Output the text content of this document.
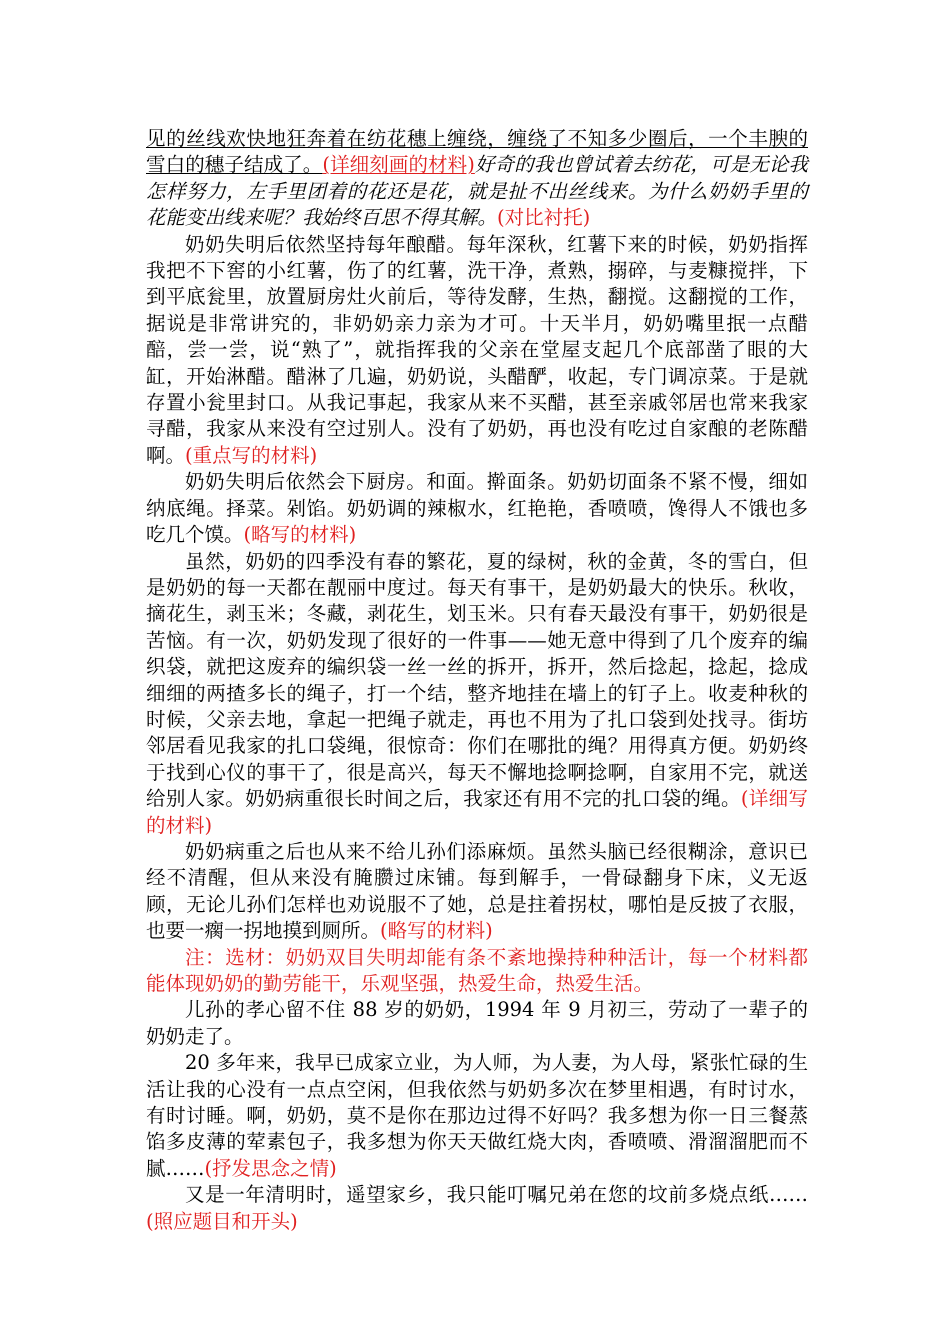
见的丝线欢快地狂奔着在纺花穗上缠绕，缠绕了不知多少圈后，一个丰腴的雪白的穗子结成了。(详细刻画的材料)好奇的我也曾试着去纺花，可是无论我怎样努力，左手里团着的花还是花，就是扯不出丝线来。为什么奶奶手里的花能变出线来呢？我始终百思不得其解。(对比衬托)

奶奶失明后依然坚持每年酿醋。每年深秋，红薯下来的时候，奶奶指挥我把不下窖的小红薯，伤了的红薯，洗干净，煮熟，搦碎，与麦糠搅拌，下到平底瓮里，放置厨房灶火前后，等待发酵，生热，翻搅。这翻搅的工作，据说是非常讲究的，非奶奶亲力亲为才可。十天半月，奶奶嘴里抿一点醋醅，尝一尝，说“熟了”，就指挥我的父亲在堂屋支起几个底部凿了眼的大缸，开始淋醋。醋淋了几遍，奶奶说，头醋酽，收起，专门调凉菜。于是就存置小瓮里封口。从我记事起，我家从来不买醋，甚至亲戚邻居也常来我家寻醋，我家从来没有空过别人。没有了奶奶，再也没有吃过自家酿的老陈醋啊。(重点写的材料)

奶奶失明后依然会下厨房。和面。擀面条。奶奶切面条不紧不慢，细如纳底绳。择菜。剁馅。奶奶调的辣椒水，红艳艳，香喷喷，馋得人不饿也多吃几个馍。(略写的材料)

虽然，奶奶的四季没有春的繁花，夏的绿树，秋的金黄，冬的雪白，但是奶奶的每一天都在靓丽中度过。每天有事干，是奶奶最大的快乐。秋收，摘花生，剥玉米；冬藏，剥花生，划玉米。只有春天最没有事干，奶奶很是苦恼。有一次，奶奶发现了很好的一件事——她无意中得到了几个废弃的编织袋，就把这废弃的编织袋一丝一丝的拆开，拆开，然后捻起，捻起，捻成细细的两揸多长的绳子，打一个结，整齐地挂在墙上的钉子上。收麦种秋的时候，父亲去地，拿起一把绳子就走，再也不用为了扎口袋到处找寻。街坊邻居看见我家的扎口袋绳，很惊奇：你们在哪批的绳？用得真方便。奶奶终于找到心仪的事干了，很是高兴，每天不懈地捻啊捻啊，自家用不完，就送给别人家。奶奶病重很长时间之后，我家还有用不完的扎口袋的绳。(详细写的材料)

奶奶病重之后也从来不给儿孙们添麻烦。虽然头脑已经很糊涂，意识已经不清醒，但从来没有腌臜过床铺。每到解手，一骨碌翻身下床，义无返顾，无论儿孙们怎样也劝说服不了她，总是拄着拐杖，哪怕是反披了衣服，也要一瘸一拐地摸到厕所。(略写的材料)

注：选材：奶奶双目失明却能有条不紊地操持种种活计，每一个材料都能体现奶奶的勤劳能干，乐观坚强，热爱生命，热爱生活。

儿孙的孝心留不住 88 岁的奶奶，1994 年 9 月初三，劳动了一辈子的奶奶走了。

20 多年来，我早已成家立业，为人师，为人妻，为人母，紧张忙碌的生活让我的心没有一点点空闲，但我依然与奶奶多次在梦里相遇，有时讨水，有时讨睡。啊，奶奶，莫不是你在那边过得不好吗？我多想为你一日三餐蒸馅多皮薄的荤素包子，我多想为你天天做红烧大肉，香喷喷、滑溜溜肥而不腻……(抒发思念之情)

又是一年清明时，遥望家乡，我只能叮嘱兄弟在您的坟前多烧点纸……(照应题目和开头)
